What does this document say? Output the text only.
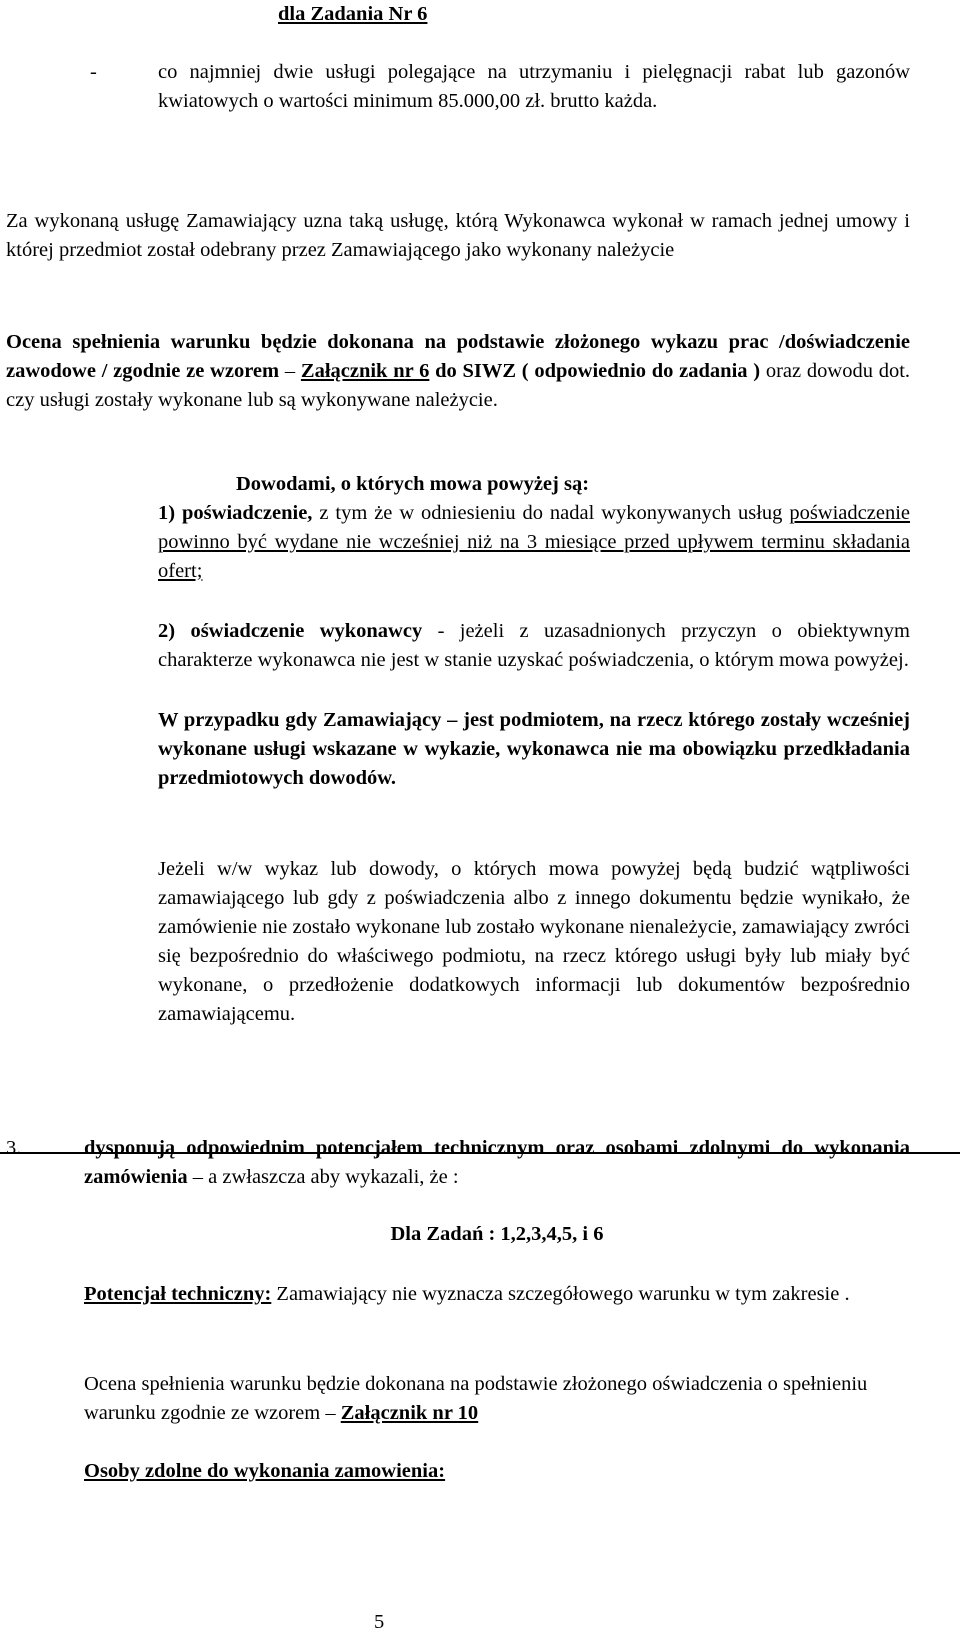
dla Zadania Nr 6
-	co najmniej dwie usługi polegające na utrzymaniu i pielęgnacji rabat lub gazonów kwiatowych o wartości minimum 85.000,00 zł. brutto każda.
Za wykonaną usługę Zamawiający uzna taką usługę, którą Wykonawca wykonał w ramach jednej umowy i której przedmiot został odebrany przez Zamawiającego jako wykonany należycie
Ocena spełnienia warunku będzie dokonana na podstawie złożonego wykazu prac /doświadczenie zawodowe / zgodnie ze wzorem – Załącznik nr 6 do SIWZ ( odpowiednio do zadania ) oraz dowodu dot. czy usługi zostały wykonane lub są wykonywane należycie.
Dowodami, o których mowa powyżej są:
1) poświadczenie, z tym że w odniesieniu do nadal wykonywanych usług poświadczenie powinno być wydane nie wcześniej niż na 3 miesiące przed upływem terminu składania ofert;
2) oświadczenie wykonawcy - jeżeli z uzasadnionych przyczyn o obiektywnym charakterze wykonawca nie jest w stanie uzyskać poświadczenia, o którym mowa powyżej.
W przypadku gdy Zamawiający – jest podmiotem, na rzecz którego zostały wcześniej wykonane usługi wskazane w wykazie, wykonawca nie ma obowiązku przedkładania przedmiotowych dowodów.
Jeżeli w/w wykaz lub dowody, o których mowa powyżej będą budzić wątpliwości zamawiającego lub gdy z poświadczenia albo z innego dokumentu będzie wynikało, że zamówienie nie zostało wykonane lub zostało wykonane nienależycie, zamawiający zwróci się bezpośrednio do właściwego podmiotu, na rzecz którego usługi były lub miały być wykonane, o przedłożenie dodatkowych informacji lub dokumentów bezpośrednio zamawiającemu.
3.	dysponują odpowiednim potencjałem technicznym oraz osobami zdolnymi do wykonania zamówienia – a zwłaszcza aby wykazali, że :
Dla Zadań : 1,2,3,4,5, i 6
Potencjał techniczny: Zamawiający nie wyznacza szczegółowego warunku w tym zakresie .
Ocena spełnienia warunku będzie dokonana na podstawie złożonego oświadczenia o spełnieniu warunku zgodnie ze wzorem – Załącznik nr 10
Osoby zdolne do wykonania zamowienia:
5
